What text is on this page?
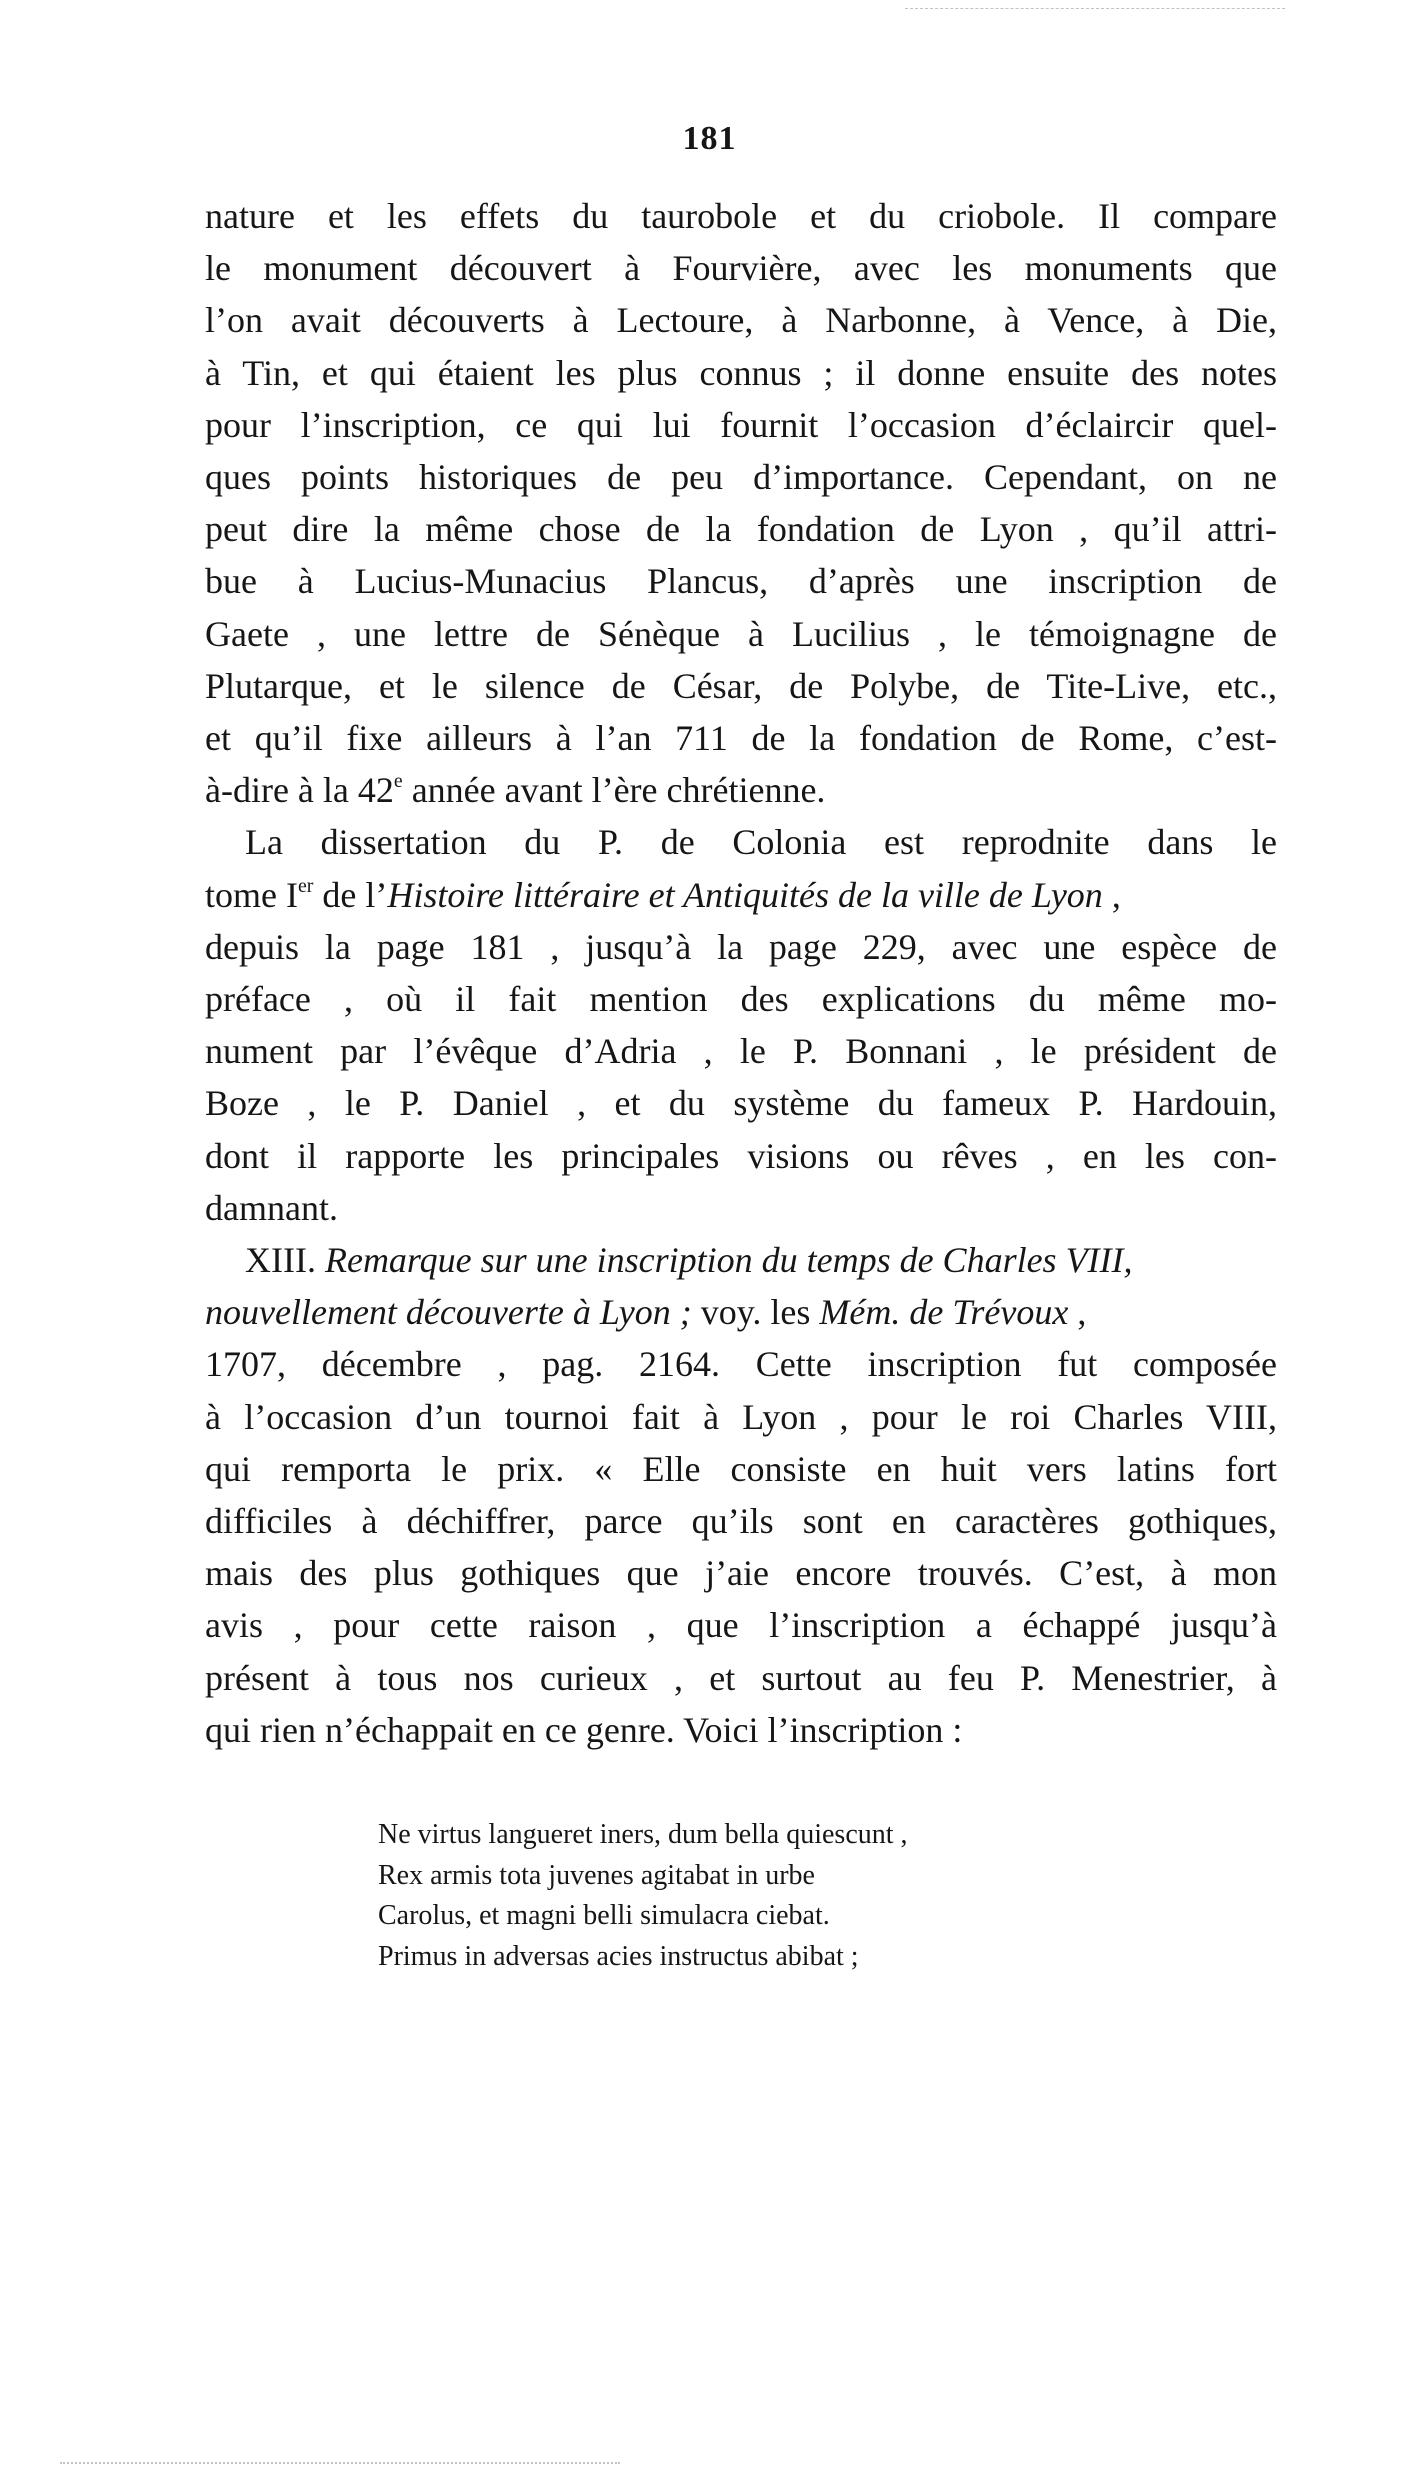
181
nature et les effets du taurobole et du criobole. Il compare
le monument découvert à Fourvière, avec les monuments que
l’on avait découverts à Lectoure, à Narbonne, à Vence, à Die,
à Tin, et qui étaient les plus connus ; il donne ensuite des notes
pour l’inscription, ce qui lui fournit l’occasion d’éclaircir quel-
ques points historiques de peu d’importance. Cependant, on ne
peut dire la même chose de la fondation de Lyon , qu’il attri-
bue à Lucius-Munacius Plancus, d’après une inscription de
Gaete , une lettre de Sénèque à Lucilius , le témoignagne de
Plutarque, et le silence de César, de Polybe, de Tite-Live, etc.,
et qu’il fixe ailleurs à l’an 711 de la fondation de Rome, c’est-
à-dire à la 42e année avant l’ère chrétienne.
La dissertation du P. de Colonia est reprodnite dans le
tome Ier de l’Histoire littéraire et Antiquités de la ville de Lyon ,
depuis la page 181 , jusqu’à la page 229, avec une espèce de
préface , où il fait mention des explications du même mo-
nument par l’évêque d’Adria , le P. Bonnani , le président de
Boze , le P. Daniel , et du système du fameux P. Hardouin,
dont il rapporte les principales visions ou rêves , en les con-
damnant.
XIII. Remarque sur une inscription du temps de Charles VIII,
nouvellement découverte à Lyon ; voy. les Mém. de Trévoux ,
1707, décembre , pag. 2164. Cette inscription fut composée
à l’occasion d’un tournoi fait à Lyon , pour le roi Charles VIII,
qui remporta le prix. « Elle consiste en huit vers latins fort
difficiles à déchiffrer, parce qu’ils sont en caractères gothiques,
mais des plus gothiques que j’aie encore trouvés. C’est, à mon
avis , pour cette raison , que l’inscription a échappé jusqu’à
présent à tous nos curieux , et surtout au feu P. Menestrier, à
qui rien n’échappait en ce genre. Voici l’inscription :
Ne virtus langueret iners, dum bella quiescunt ,
Rex armis tota juvenes agitabat in urbe
Carolus, et magni belli simulacra ciebat.
Primus in adversas acies instructus abibat ;
